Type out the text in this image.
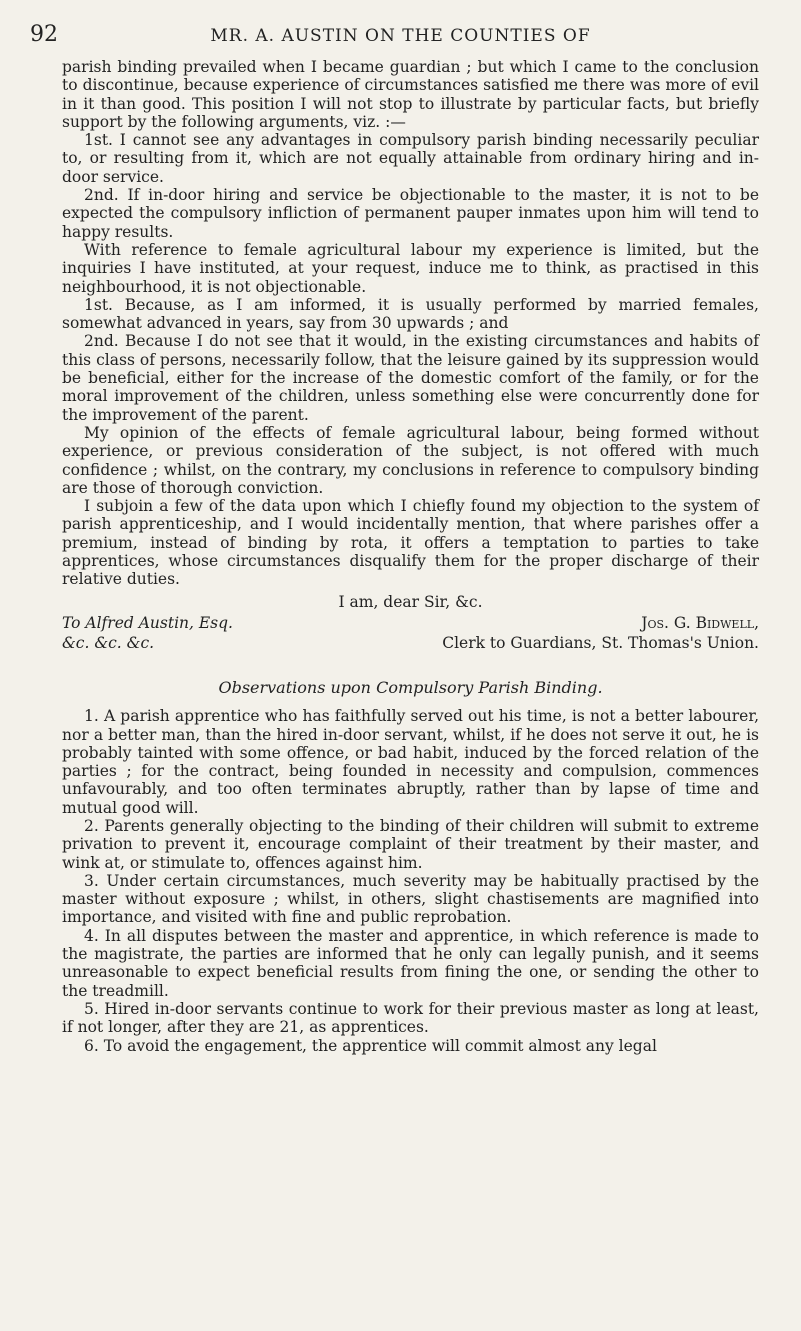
92	MR. A. AUSTIN ON THE COUNTIES OF

parish binding prevailed when I became guardian ; but which I came to the conclusion to discontinue, because experience of circumstances satisfied me there was more of evil in it than good. This position I will not stop to illustrate by particular facts, but briefly support by the following arguments, viz. :—

1st. I cannot see any advantages in compulsory parish binding necessarily peculiar to, or resulting from it, which are not equally attainable from ordinary hiring and in-door service.

2nd. If in-door hiring and service be objectionable to the master, it is not to be expected the compulsory infliction of permanent pauper inmates upon him will tend to happy results.

With reference to female agricultural labour my experience is limited, but the inquiries I have instituted, at your request, induce me to think, as practised in this neighbourhood, it is not objectionable.

1st. Because, as I am informed, it is usually performed by married females, somewhat advanced in years, say from 30 upwards ; and

2nd. Because I do not see that it would, in the existing circumstances and habits of this class of persons, necessarily follow, that the leisure gained by its suppression would be beneficial, either for the increase of the domestic comfort of the family, or for the moral improvement of the children, unless something else were concurrently done for the improvement of the parent.

My opinion of the effects of female agricultural labour, being formed without experience, or previous consideration of the subject, is not offered with much confidence ; whilst, on the contrary, my conclusions in reference to compulsory binding are those of thorough conviction.

I subjoin a few of the data upon which I chiefly found my objection to the system of parish apprenticeship, and I would incidentally mention, that where parishes offer a premium, instead of binding by rota, it offers a temptation to parties to take apprentices, whose circumstances disqualify them for the proper discharge of their relative duties.

I am, dear Sir, &c.
To Alfred Austin, Esq.	Jos. G. Bidwell,
&c. &c. &c.	Clerk to Guardians, St. Thomas's Union.
Observations upon Compulsory Parish Binding.

1. A parish apprentice who has faithfully served out his time, is not a better labourer, nor a better man, than the hired in-door servant, whilst, if he does not serve it out, he is probably tainted with some offence, or bad habit, induced by the forced relation of the parties ; for the contract, being founded in necessity and compulsion, commences unfavourably, and too often terminates abruptly, rather than by lapse of time and mutual good will.

2. Parents generally objecting to the binding of their children will submit to extreme privation to prevent it, encourage complaint of their treatment by their master, and wink at, or stimulate to, offences against him.

3. Under certain circumstances, much severity may be habitually practised by the master without exposure ; whilst, in others, slight chastisements are magnified into importance, and visited with fine and public reprobation.

4. In all disputes between the master and apprentice, in which reference is made to the magistrate, the parties are informed that he only can legally punish, and it seems unreasonable to expect beneficial results from fining the one, or sending the other to the treadmill.

5. Hired in-door servants continue to work for their previous master as long at least, if not longer, after they are 21, as apprentices.

6. To avoid the engagement, the apprentice will commit almost any legal
